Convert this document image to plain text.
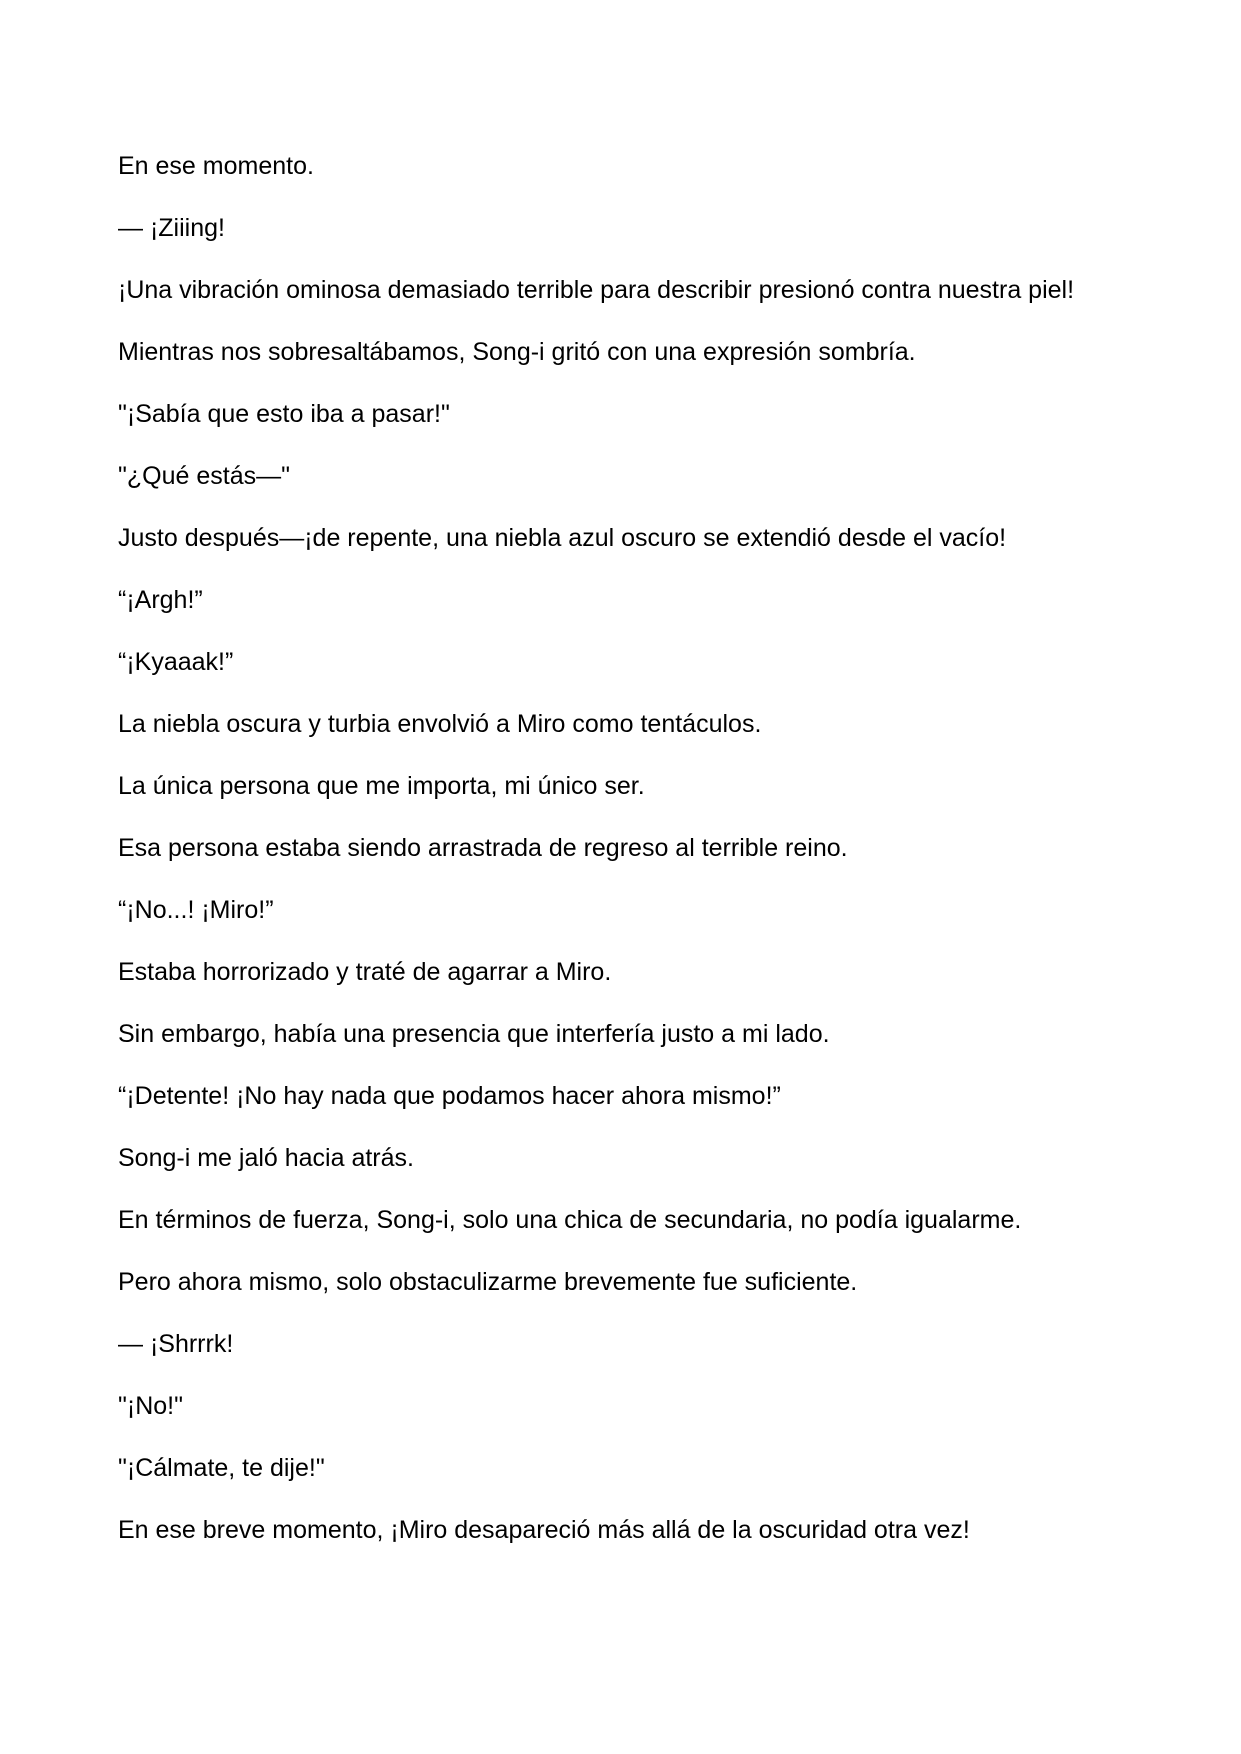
En ese momento.

— ¡Ziiing!

¡Una vibración ominosa demasiado terrible para describir presionó contra nuestra piel!

Mientras nos sobresaltábamos, Song-i gritó con una expresión sombría.

"¡Sabía que esto iba a pasar!"

"¿Qué estás—"

Justo después—¡de repente, una niebla azul oscuro se extendió desde el vacío!

“¡Argh!”

“¡Kyaaak!”

La niebla oscura y turbia envolvió a Miro como tentáculos.

La única persona que me importa, mi único ser.

Esa persona estaba siendo arrastrada de regreso al terrible reino.

“¡No...! ¡Miro!”

Estaba horrorizado y traté de agarrar a Miro.

Sin embargo, había una presencia que interfería justo a mi lado.

“¡Detente! ¡No hay nada que podamos hacer ahora mismo!”

Song-i me jaló hacia atrás.

En términos de fuerza, Song-i, solo una chica de secundaria, no podía igualarme.

Pero ahora mismo, solo obstaculizarme brevemente fue suficiente.

— ¡Shrrrk!

"¡No!"

"¡Cálmate, te dije!"

En ese breve momento, ¡Miro desapareció más allá de la oscuridad otra vez!
